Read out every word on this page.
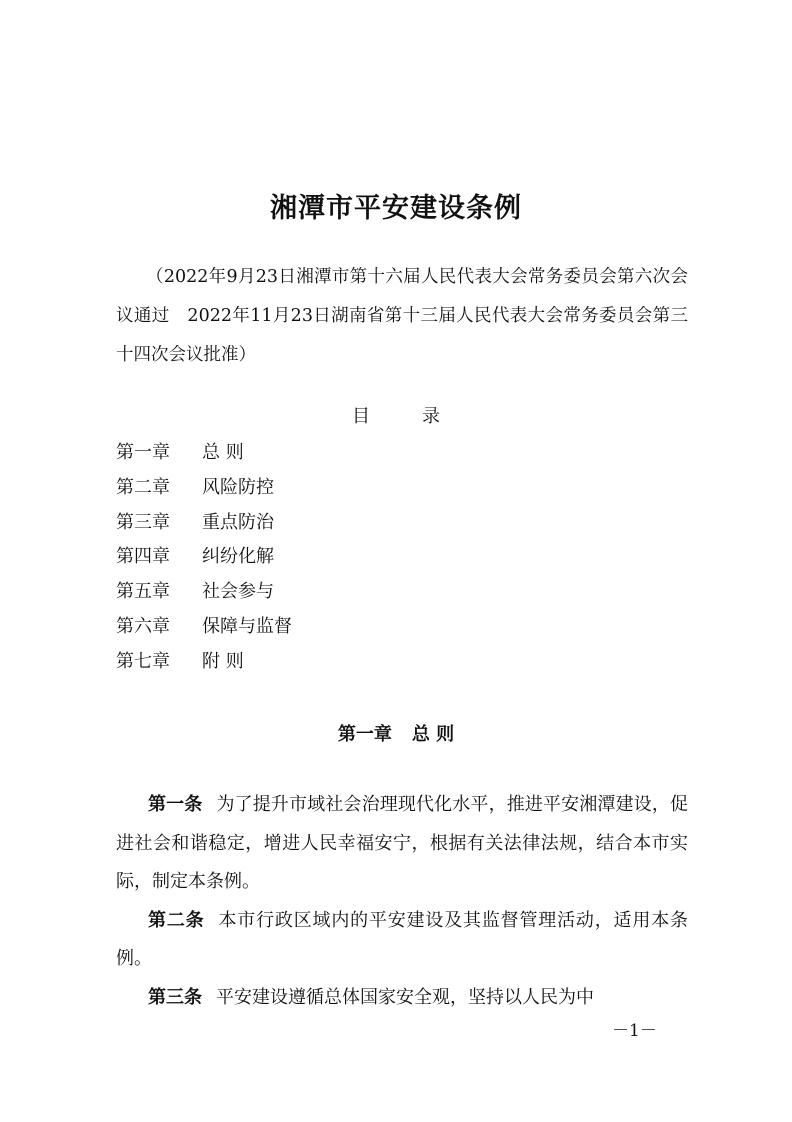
湘潭市平安建设条例
（2022年9月23日湘潭市第十六届人民代表大会常务委员会第六次会议通过　2022年11月23日湖南省第十三届人民代表大会常务委员会第三十四次会议批准）
目	录
第一章 总 则
第二章 风险防控
第三章 重点防治
第四章 纠纷化解
第五章 社会参与
第六章 保障与监督
第七章 附 则
第一章 总 则

第一条 为了提升市域社会治理现代化水平，推进平安湘潭建设，促进社会和谐稳定，增进人民幸福安宁，根据有关法律法规，结合本市实际，制定本条例。

第二条 本市行政区域内的平安建设及其监督管理活动，适用本条例。

第三条 平安建设遵循总体国家安全观，坚持以人民为中

－1－
